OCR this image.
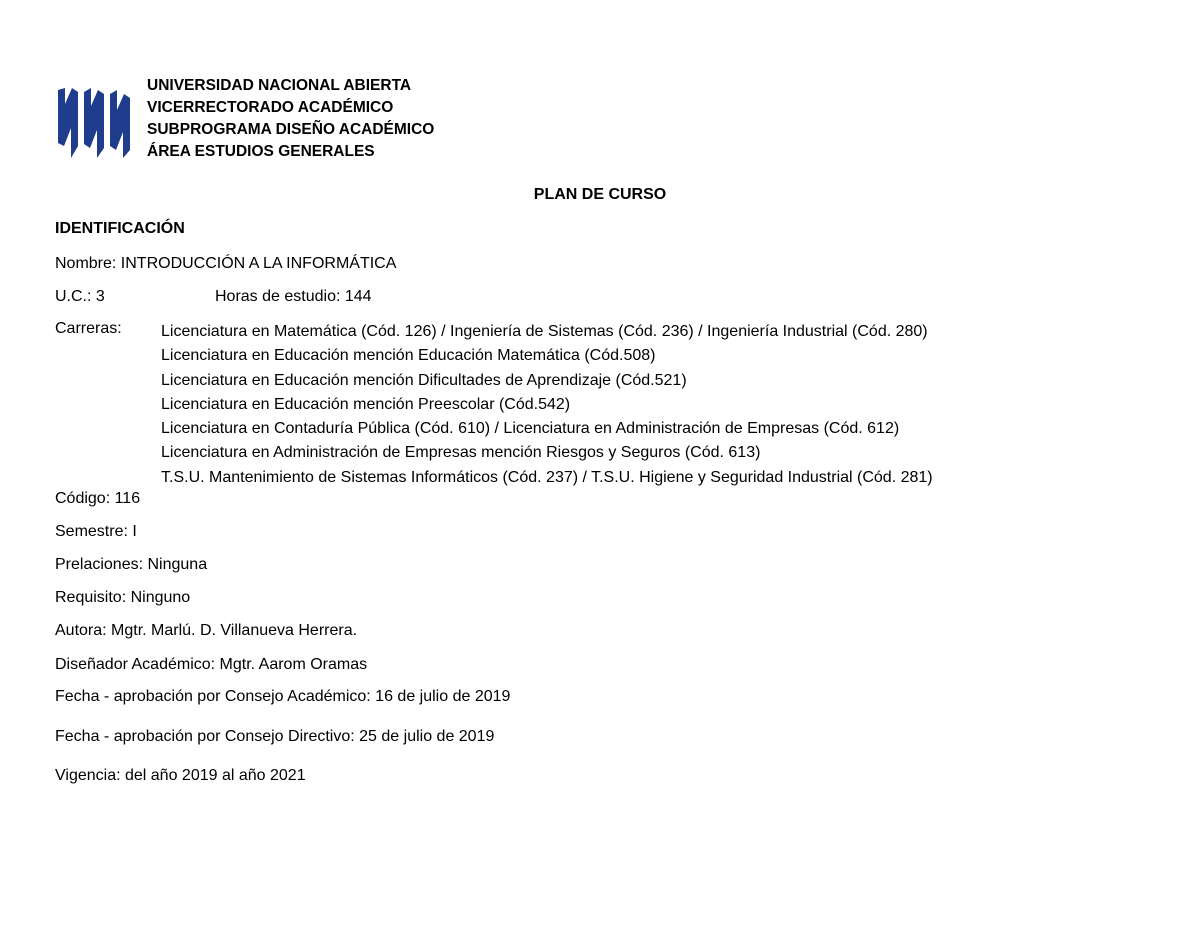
UNIVERSIDAD NACIONAL ABIERTA
VICERRECTORADO ACADÉMICO
SUBPROGRAMA DISEÑO ACADÉMICO
ÁREA ESTUDIOS GENERALES
PLAN DE CURSO
IDENTIFICACIÓN
Nombre: INTRODUCCIÓN A LA INFORMÁTICA
U.C.: 3	Horas de estudio: 144
Carreras: Licenciatura en Matemática (Cód. 126) / Ingeniería de Sistemas (Cód. 236) / Ingeniería Industrial (Cód. 280)
Licenciatura en Educación mención Educación Matemática (Cód.508)
Licenciatura en Educación mención Dificultades de Aprendizaje (Cód.521)
Licenciatura en Educación mención Preescolar (Cód.542)
Licenciatura en Contaduría Pública (Cód. 610) / Licenciatura en Administración de Empresas (Cód. 612)
Licenciatura en Administración de Empresas mención Riesgos y Seguros (Cód. 613)
T.S.U. Mantenimiento de Sistemas Informáticos (Cód. 237) / T.S.U. Higiene y Seguridad Industrial (Cód. 281)
Código: 116
Semestre: I
Prelaciones: Ninguna
Requisito: Ninguno
Autora: Mgtr. Marlú. D. Villanueva Herrera.
Diseñador Académico: Mgtr. Aarom Oramas
Fecha - aprobación por Consejo Académico: 16 de julio de 2019
Fecha - aprobación por Consejo Directivo: 25 de julio de 2019
Vigencia: del año 2019 al año 2021
